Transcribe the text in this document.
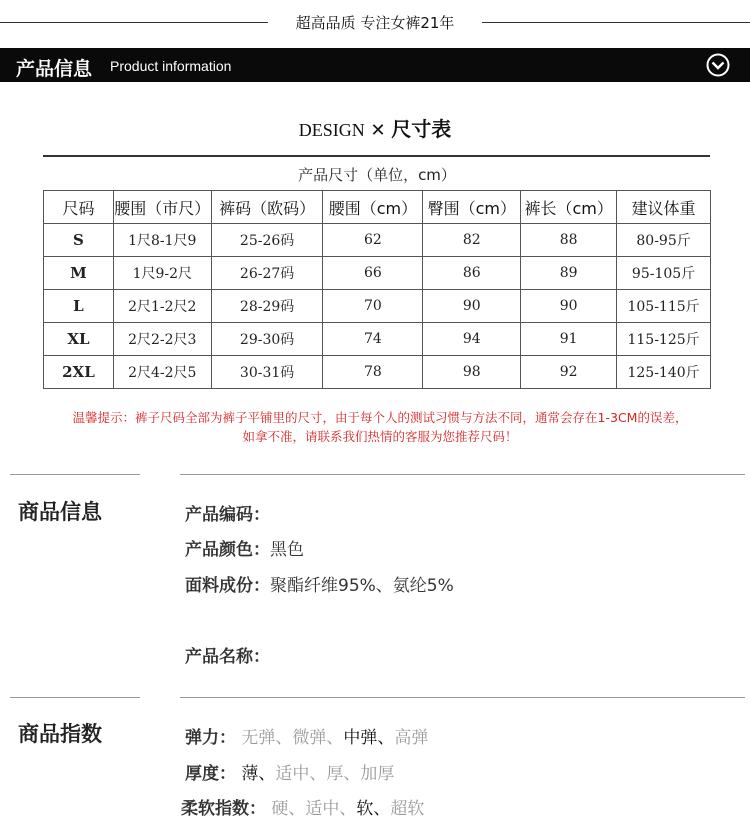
超高品质 专注女裤21年
产品信息 Product information
DESIGN ✕ 尺寸表
产品尺寸（单位，cm）						
尺码	腰围（市尺）	裤码（欧码）	腰围（cm）	臀围（cm）	裤长（cm）	建议体重
S	1尺8-1尺9	25-26码	62	82	88	80-95斤
M	1尺9-2尺	26-27码	66	86	89	95-105斤
L	2尺1-2尺2	28-29码	70	90	90	105-115斤
XL	2尺2-2尺3	29-30码	74	94	91	115-125斤
2XL	2尺4-2尺5	30-31码	78	98	92	125-140斤
温馨提示：裤子尺码全部为裤子平铺里的尺寸，由于每个人的测试习惯与方法不同，通常会存在1-3CM的误差，
如拿不准，请联系我们热情的客服为您推荐尺码！
商品信息	产品编码：
产品颜色：黑色
面料成份：聚酯纤维95%、氨纶5%
产品名称：
商品指数	弹力： 无弹、微弹、中弹、高弹
厚度： 薄、适中、厚、加厚
柔软指数： 硬、适中、软、超软
